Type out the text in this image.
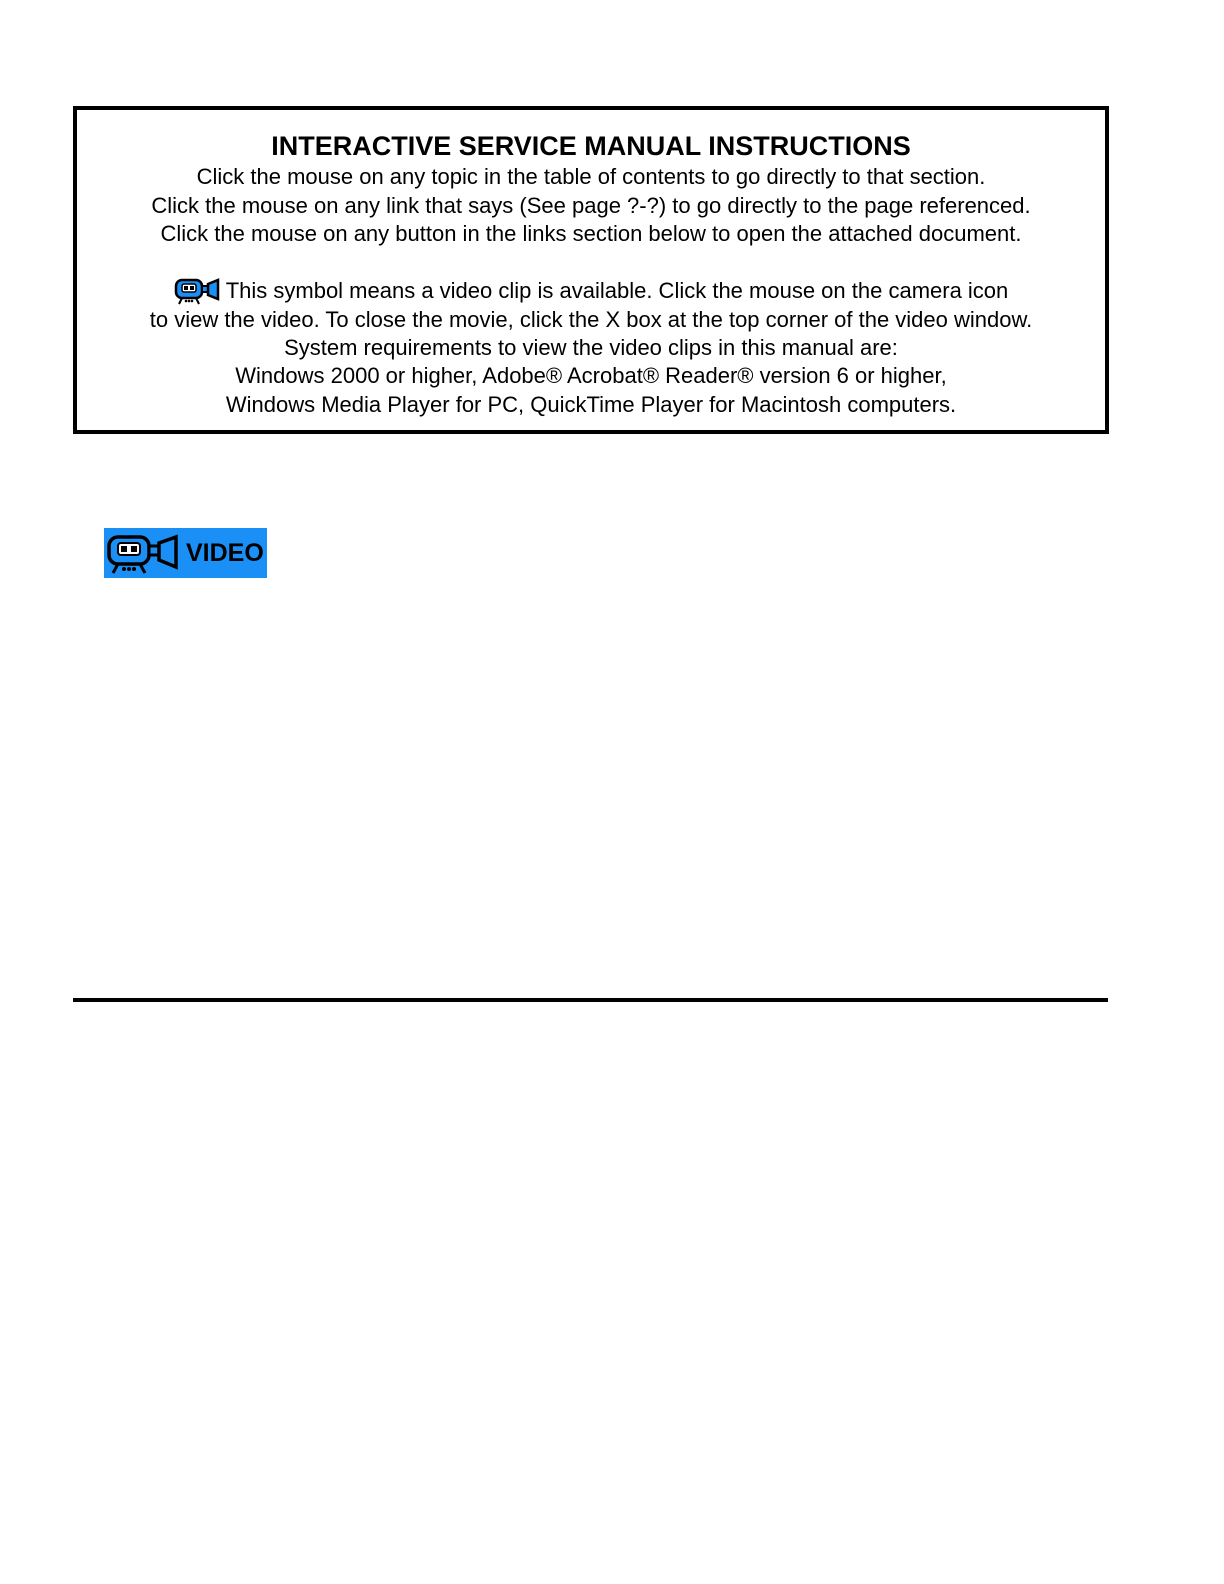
INTERACTIVE SERVICE MANUAL INSTRUCTIONS
Click the mouse on any topic in the table of contents to go directly to that section.
Click the mouse on any link that says (See page ?-?) to go directly to the page referenced.
Click the mouse on any button in the links section below to open the attached document.
This symbol means a video clip is available. Click the mouse on the camera icon
to view the video. To close the movie, click the X box at the top corner of the video window.
System requirements to view the video clips in this manual are:
Windows 2000 or higher, Adobe® Acrobat® Reader® version 6 or higher,
Windows Media Player for PC, QuickTime Player for Macintosh computers.
VIDEO
